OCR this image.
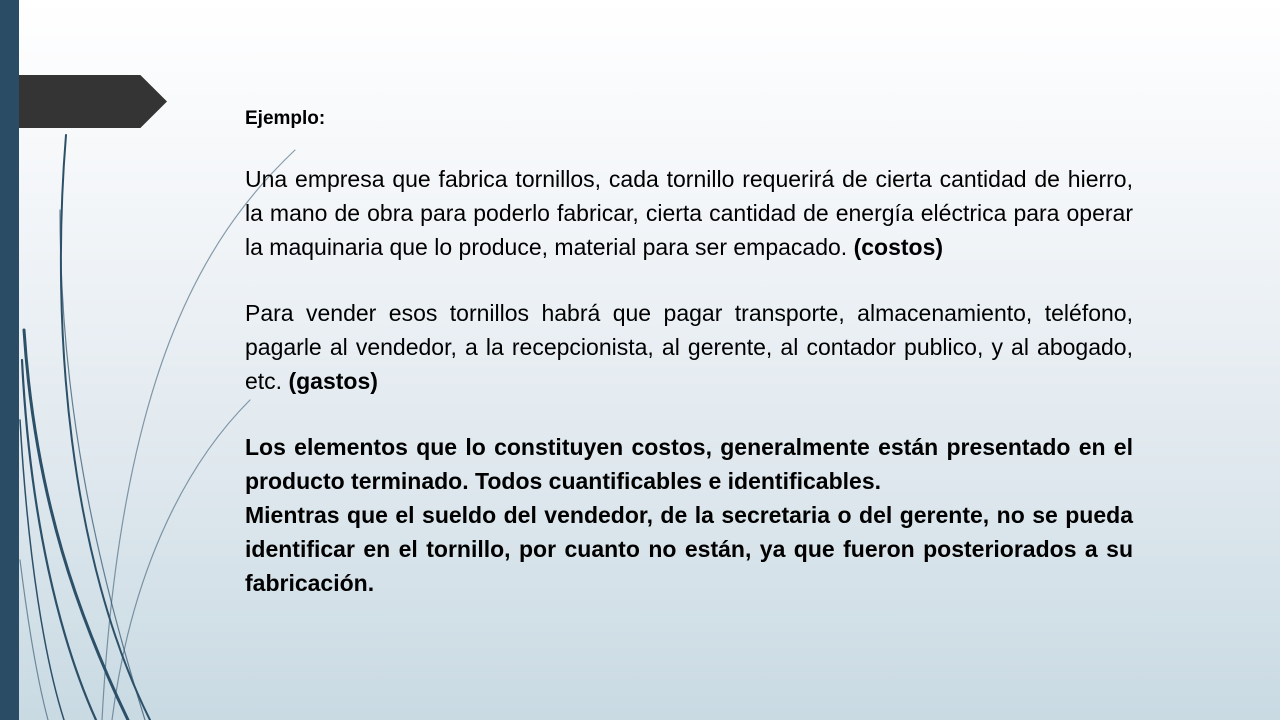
Ejemplo:

Una empresa que fabrica tornillos, cada tornillo requerirá de cierta cantidad de hierro, la mano de obra para poderlo fabricar, cierta cantidad de energía eléctrica para operar la maquinaria que lo produce, material para ser empacado. (costos)

Para vender esos tornillos habrá que pagar transporte, almacenamiento, teléfono, pagarle al vendedor, a la recepcionista, al gerente, al contador publico, y al abogado, etc. (gastos)

Los elementos que lo constituyen costos, generalmente están presentado en el producto terminado. Todos cuantificables e identificables.

Mientras que el sueldo del vendedor, de la secretaria o del gerente, no se pueda identificar en el tornillo, por cuanto no están, ya que fueron posteriorados a su fabricación.
